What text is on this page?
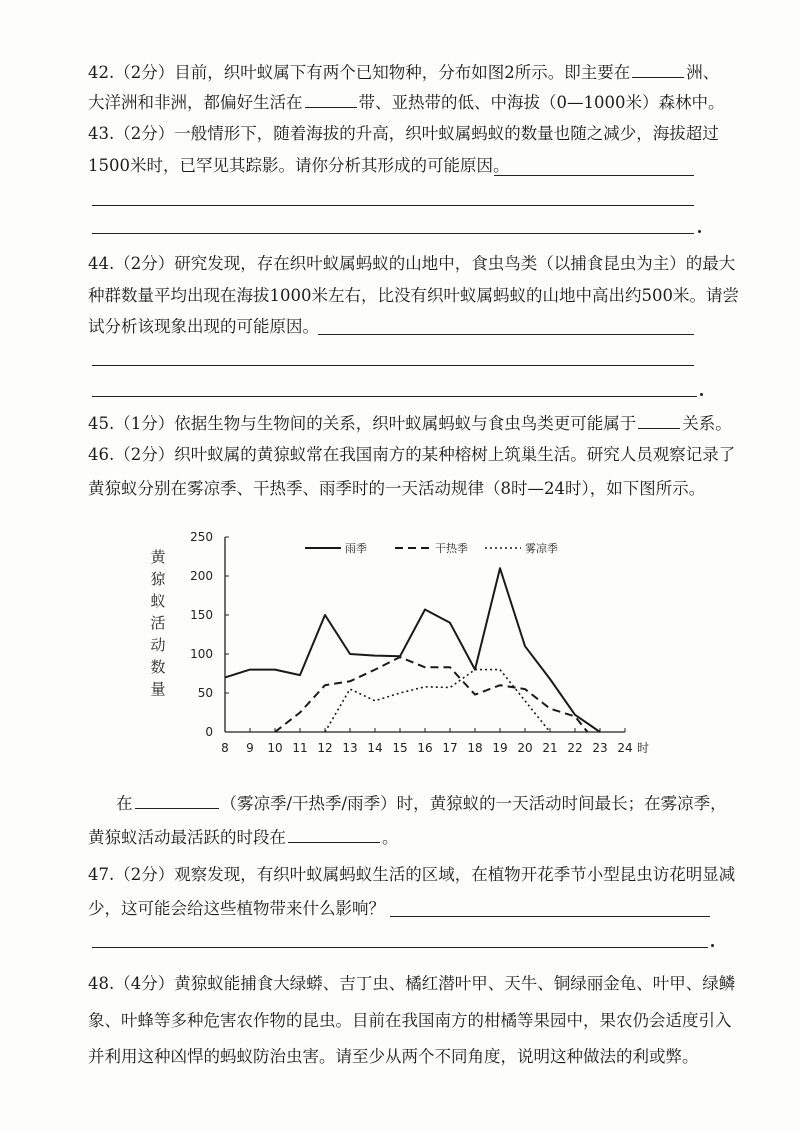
42.（2分）目前，织叶蚁属下有两个已知物种，分布如图2所示。即主要在	洲、
大洋洲和非洲，都偏好生活在	带、亚热带的低、中海拔（0—1000米）森林中。
43.（2分）一般情形下，随着海拔的升高，织叶蚁属蚂蚁的数量也随之减少，海拔超过
1500米时，已罕见其踪影。请你分析其形成的可能原因。
44.（2分）研究发现，存在织叶蚁属蚂蚁的山地中，食虫鸟类（以捕食昆虫为主）的最大
种群数量平均出现在海拔1000米左右，比没有织叶蚁属蚂蚁的山地中高出约500米。请尝
试分析该现象出现的可能原因。
45.（1分）依据生物与生物间的关系，织叶蚁属蚂蚁与食虫鸟类更可能属于	关系。
46.（2分）织叶蚁属的黄猄蚁常在我国南方的某种榕树上筑巢生活。研究人员观察记录了
黄猄蚁分别在雾凉季、干热季、雨季时的一天活动规律（8时—24时），如下图所示。
黄
猄
蚁
活
动
数
量
8 9 10 11 12 13 14 15 16 17 18 19 20 21 22 23 24 时
0
50
100
150
200
250
雨季	干热季	雾凉季
在	（雾凉季/干热季/雨季）时，黄猄蚁的一天活动时间最长；在雾凉季，
黄猄蚁活动最活跃的时段在	。
47.（2分）观察发现，有织叶蚁属蚂蚁生活的区域，在植物开花季节小型昆虫访花明显减
少，这可能会给这些植物带来什么影响？
48.（4分）黄猄蚁能捕食大绿蟒、吉丁虫、橘红潜叶甲、天牛、铜绿丽金龟、叶甲、绿鳞
象、叶蜂等多种危害农作物的昆虫。目前在我国南方的柑橘等果园中，果农仍会适度引入
并利用这种凶悍的蚂蚁防治虫害。请至少从两个不同角度，说明这种做法的利或弊。
